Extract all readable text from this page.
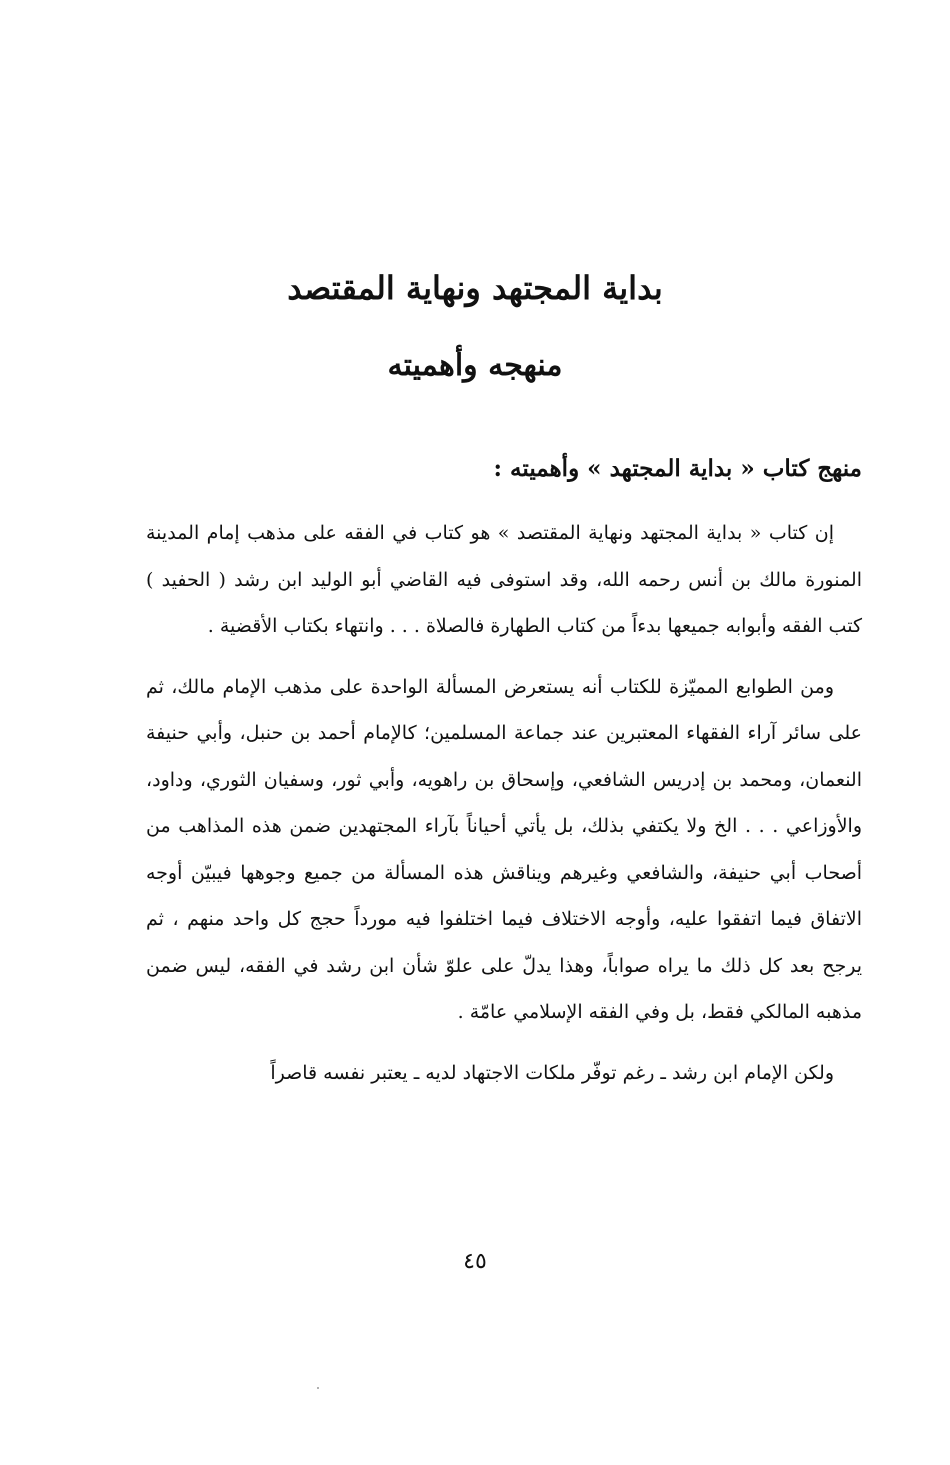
بداية المجتهد ونهاية المقتصد
منهجه وأهميته
منهج كتاب « بداية المجتهد » وأهميته :

إن كتاب « بداية المجتهد ونهاية المقتصد » هو كتاب في الفقه على مذهب إمام المدينة المنورة مالك بن أنس رحمه الله، وقد استوفى فيه القاضي أبو الوليد ابن رشد ( الحفيد ) كتب الفقه وأبوابه جميعها بدءاً من كتاب الطهارة فالصلاة . . . وانتهاء بكتاب الأقضية .

ومن الطوابع المميّزة للكتاب أنه يستعرض المسألة الواحدة على مذهب الإمام مالك، ثم على سائر آراء الفقهاء المعتبرين عند جماعة المسلمين؛ كالإمام أحمد بن حنبل، وأبي حنيفة النعمان، ومحمد بن إدريس الشافعي، وإسحاق بن راهويه، وأبي ثور، وسفيان الثوري، وداود، والأوزاعي . . . الخ ولا يكتفي بذلك، بل يأتي أحياناً بآراء المجتهدين ضمن هذه المذاهب من أصحاب أبي حنيفة، والشافعي وغيرهم ويناقش هذه المسألة من جميع وجوهها فيبيّن أوجه الاتفاق فيما اتفقوا عليه، وأوجه الاختلاف فيما اختلفوا فيه مورداً حجج كل واحد منهم ، ثم يرجح بعد كل ذلك ما يراه صواباً، وهذا يدلّ على علوّ شأن ابن رشد في الفقه، ليس ضمن مذهبه المالكي فقط، بل وفي الفقه الإسلامي عامّة .

ولكن الإمام ابن رشد ـ رغم توفّر ملكات الاجتهاد لديه ـ يعتبر نفسه قاصراً

٤٥
